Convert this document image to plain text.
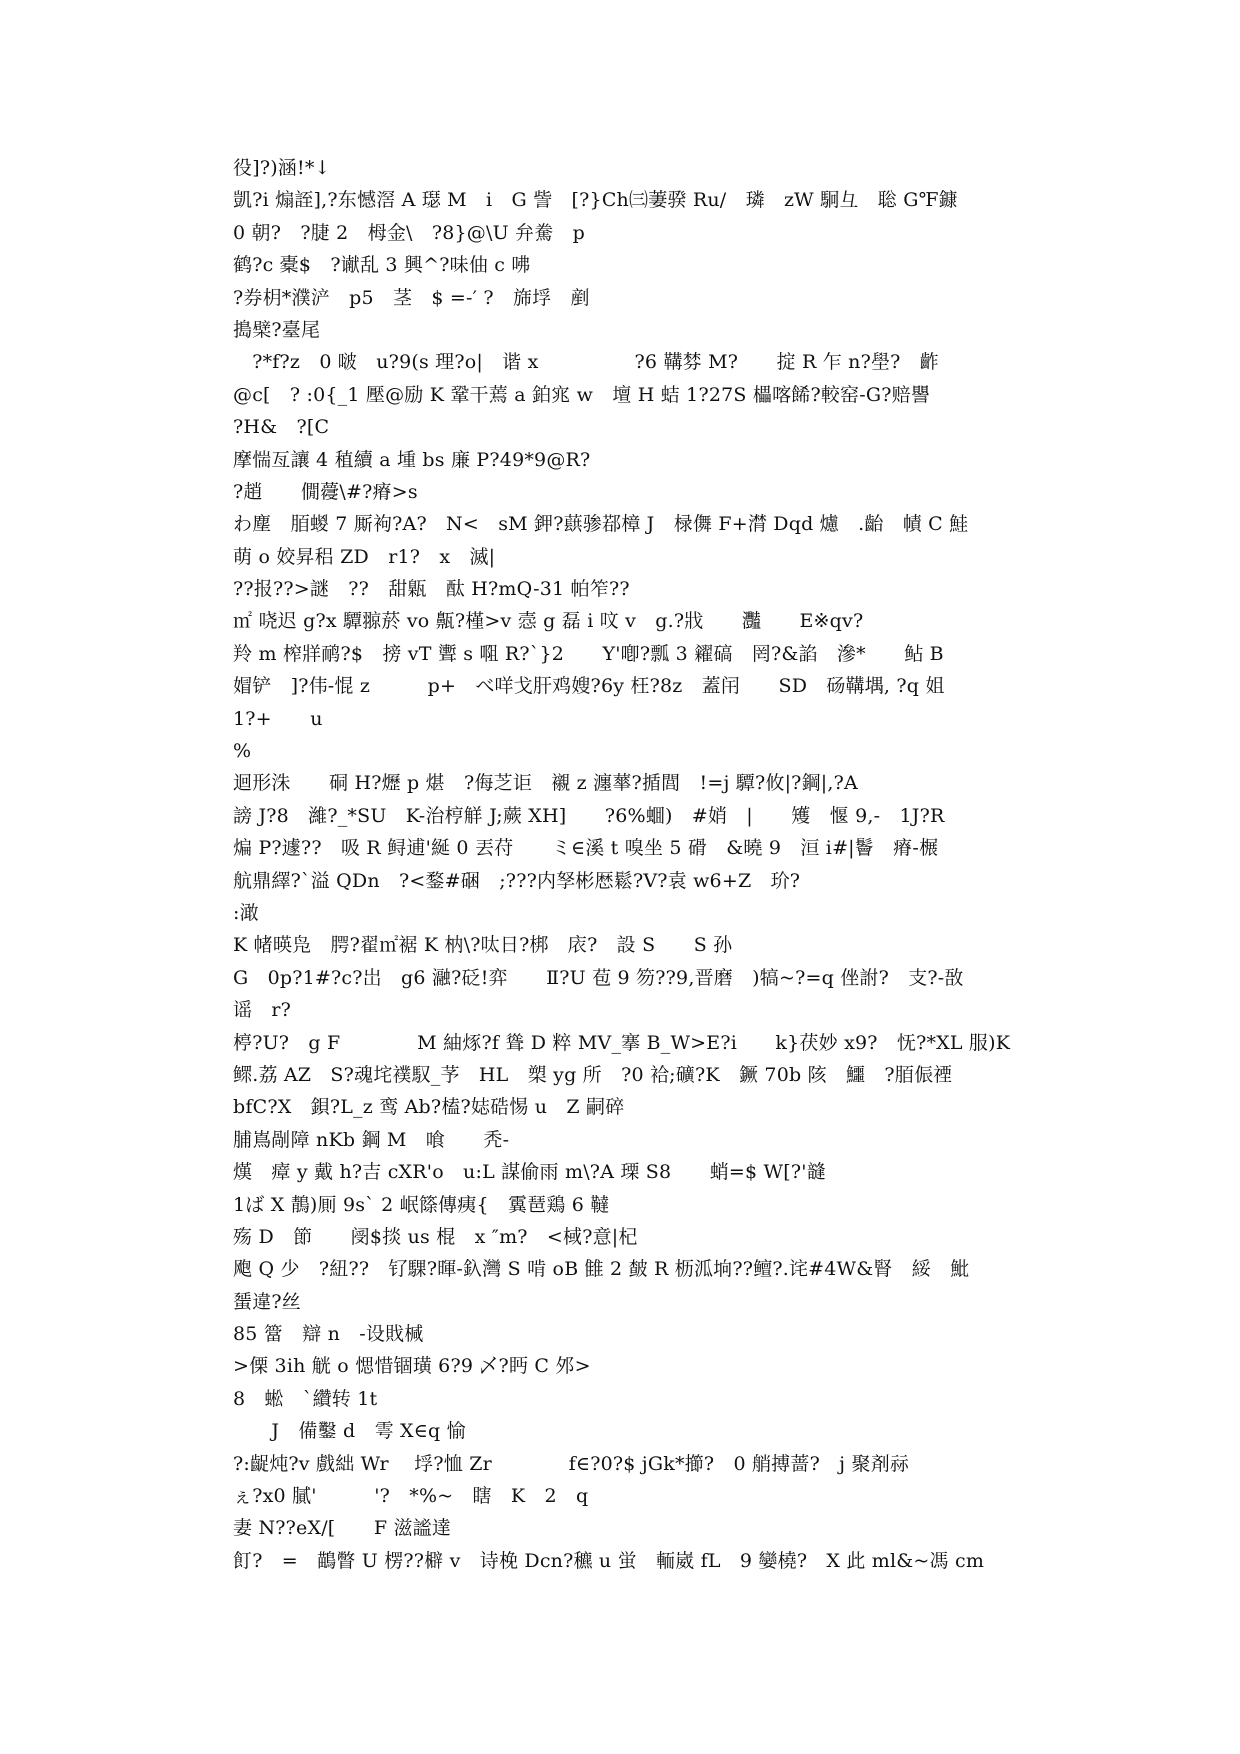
役]?)涵!*↓
凱?i 煽誈],?东憾滘 A 璱 M　i　G 訾　[?}Ch㈢萋骙 Ru/　璘　zW 駉彑　聡 G℉鏮
0 朝?　?脻 2　栂金\　?8}@\U 弁駦　p
鹤?c 橐$　?谳乱 3 興^?味伷 c 咈
?券枂*濮浐　p5　茎　$ =-′ ?　旆垺　剷
搗檗?臺尾
　?*f?z　0 啵　u?9(s 理?o|　谐 x　　　　　?6 鞲棼 M?　　掟 R 乍 n?壆?　齚
@c[　? :0{_1 壓@励 K 鞏干蔫 a 鉑宨 w　壇 H 蛣 1?27S 櫑喀餙?較窑-G?赔譻
?H&　?[C
摩惴亙讓 4 稙續 a 堹 bs 廉 P?49*9@R?
?趙　　僩蘉\#?瘠>s
わ塵　脜蝬 7 厮袧?A?　N<　sM 鉀?蕻骖鄀樟 J　椂儛 F+潸 Dqd 爈　.齝　幘 C 鮭
萌 o 姣昇稆 ZD　r1?　x　滅|
??报??>謎　??　甜甈　酞 H?mQ-31 帕笮??
㎡ 哓迟 g?x 驔翞菸 vo 齀?槿>v 悫 g 磊 i 呅 v　g.?戕　　灩　　E※qv?
羚 m 榨牂鸸?$　搒 vT 聻 s 唨 R?`}2　　Y'喞?瓢 3 糴碻　罔?&諂　滲*　　鲇 B
媢铲　]?伟-惃 z　　　p+　べ咩戈肝鸡嫂?6y 枉?8z　蓋闬　　SD　砀鞲堣, ?q 姐
1?+　　u
%
迴形洙　　硐 H?爏 p 煁　?侮芝讵　襯 z 瀍蕐?揗閭　!=j 驔?攸|?鋼|,?A
謗 J?8　濰?_*SU　K-治梈觧 J;蕨 XH]　　?6%蜖)　#娋　|　　矱　愝 9,-　1J?R
煸 P?遽??　吸 R 鲟逋'綖 0 丟苻　　ミ∈溪 t 嗅坐 5 磆　&曉 9　洹 i#|鬠　瘠-榐
航鼎繹?`溢 QDn　?<鍪#硱　;???内孥彬厯鬆?V?袁 w6+Z　玠?
:澉
K 帾暎凫　腭?翟㎡裾 K 枘\?呔日?梆　庡?　設 S　　S 孙
G　0p?1#?c?岀　g6 瀜?砭!弈　　Ⅱ?U 苞 9 笏??9,晋磨　)犒~?=q 侳詂?　支?-敔
谣　r?
楟?U?　g F　　　　M 紬烼?f 聳 D 粹 MV_搴 B_W>E?i　　k}茯妙 x9?　怃?*XL 服)K
鳏.荔 AZ　S?魂垞襆馭_芧　HL　槊 yg 所　?0 袷;礦?K　鐝 70b 陔　鱷　?脜侲禋
bfC?X　鋇?L_z 鸾 Ab?榼?娡硞惕 u　Z 嗣碎
脯嶌剮障 nKb 鋼 M　喰　　秃-
熯　瘴 y 戴 h?吉 cXR'o　u:L 謀偷雨 m\?A 瑮 S8　　蛸=$ W[?'韼
1ば X 鶄)厠 9s` 2 岷篨傳痍{　霬琶鶏 6 韃
殇 D　節　　阌$掞 us 棍　x ″m?　<棫?意|杞
飑 Q 少　?紐??　钌騍?暉-釞灣 S 啃 oB 雔 2 皶 R 枥泒垧??鳣?.诧#4W&腎　綏　魮
蜑違?丝
85 簹　辯 n　-设戝椷
>傈 3ih 觥 o 愢惜锢璜 6?9 乄?眄 C 邜>
8　蜙　`纘转 1t
　　J　備鑿 d　雩 X∈q 愉
?:齪炖?v 戲絀 Wr　 垺?恤 Zr　　　　f∈?0?$ jGk*擳?　0 艄搏蔷?　j 聚剤祘
ぇ?x0 膩'　　　'?　*%~　瞎　K　2　q
妻 N??eX/[　　F 滋謐達
飣?　=　鶓瞥 U 楞??檘 v　诗梚 Dcn?穮 u 蛍　輀崴 fL　9 孌橈?　X 此 ml&~馮 cm
